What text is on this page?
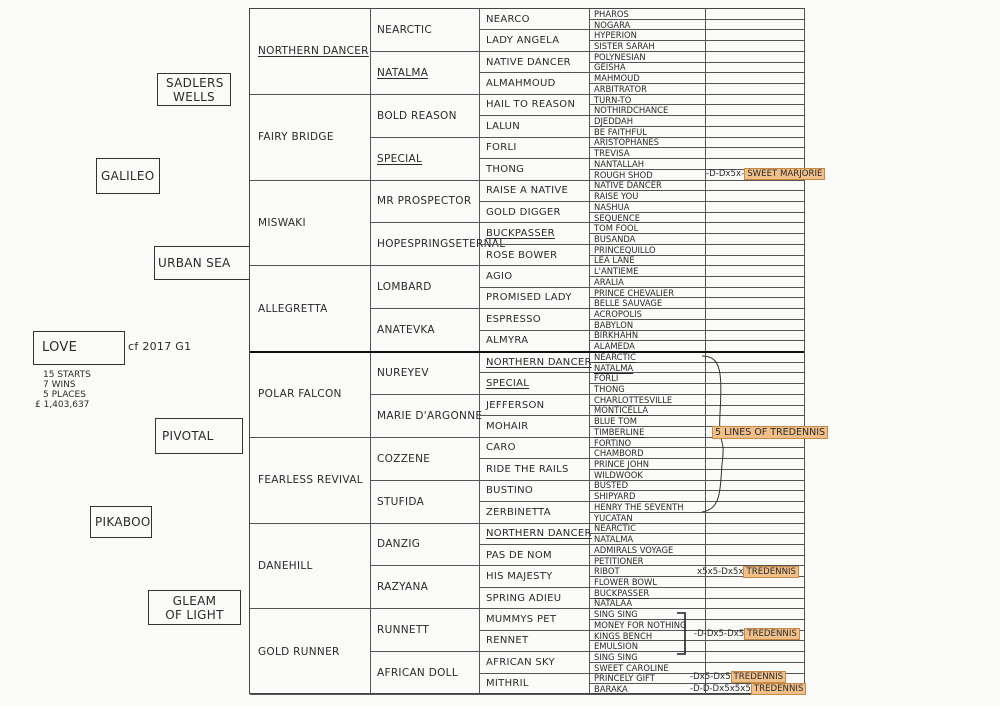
SADLERS WELLS
GALILEO
URBAN SEA
LOVE	cf 2017 G1
15 STARTS
7 WINS
5 PLACES
£ 1,403,637
PIVOTAL
PIKABOO
GLEAM OF LIGHT
NORTHERN DANCER
FAIRY BRIDGE
MISWAKI
ALLEGRETTA
POLAR FALCON
FEARLESS REVIVAL
DANEHILL
GOLD RUNNER
NEARCTIC
NATALMA
BOLD REASON
SPECIAL
MR PROSPECTOR
HOPESPRINGSETERNAL
LOMBARD
ANATEVKA
NUREYEV
MARIE D'ARGONNE
COZZENE
STUFIDA
DANZIG
RAZYANA
RUNNETT
AFRICAN DOLL
NEARCO
LADY ANGELA
NATIVE DANCER
ALMAHMOUD
HAIL TO REASON
LALUN
FORLI
THONG
RAISE A NATIVE
GOLD DIGGER
BUCKPASSER
ROSE BOWER
AGIO
PROMISED LADY
ESPRESSO
ALMYRA
NORTHERN DANCER
SPECIAL
JEFFERSON
MOHAIR
CARO
RIDE THE RAILS
BUSTINO
ZERBINETTA
NORTHERN DANCER
PAS DE NOM
HIS MAJESTY
SPRING ADIEU
MUMMYS PET
RENNET
AFRICAN SKY
MITHRIL
PHAROS
NOGARA
HYPERION
SISTER SARAH
POLYNESIAN
GEISHA
MAHMOUD
ARBITRATOR
TURN-TO
NOTHIRDCHANCE
DJEDDAH
BE FAITHFUL
ARISTOPHANES
TREVISA
NANTALLAH
ROUGH SHOD
NATIVE DANCER
RAISE YOU
NASHUA
SEQUENCE
TOM FOOL
BUSANDA
PRINCEQUILLO
LEA LANE
L'ANTIEME
ARALIA
PRINCE CHEVALIER
BELLE SAUVAGE
ACROPOLIS
BABYLON
BIRKHAHN
ALAMEDA
NEARCTIC
NATALMA
FORLI
THONG
CHARLOTTESVILLE
MONTICELLA
BLUE TOM
TIMBERLINE
FORTINO
CHAMBORD
PRINCE JOHN
WILDWOOK
BUSTED
SHIPYARD
HENRY THE SEVENTH
YUCATAN
NEARCTIC
NATALMA
ADMIRALS VOYAGE
PETITIONER
RIBOT
FLOWER BOWL
BUCKPASSER
NATALAA
SING SING
MONEY FOR NOTHING
KINGS BENCH
EMULSION
SING SING
SWEET CAROLINE
PRINCELY GIFT
BARAKA
-D-Dx5x- SWEET MARJORIE
5 LINES OF TREDENNIS
x5x5-Dx5x TREDENNIS
-D-Dx5-Dx5 TREDENNIS
-Dx5-Dx5 TREDENNIS
-D-D-Dx5x5x5 TREDENNIS
